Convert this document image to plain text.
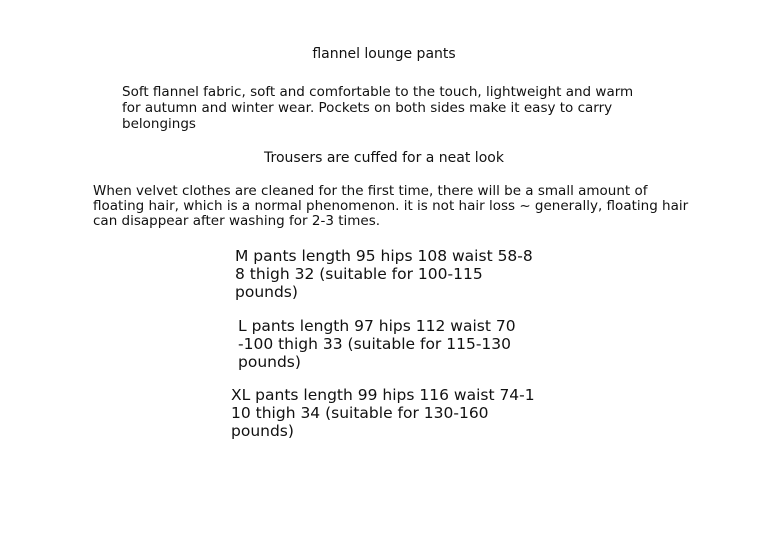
flannel lounge pants

Soft flannel fabric, soft and comfortable to the touch, lightweight and warm
for autumn and winter wear. Pockets on both sides make it easy to carry
belongings

Trousers are cuffed for a neat look

When velvet clothes are cleaned for the first time, there will be a small amount of
floating hair, which is a normal phenomenon. it is not hair loss ~ generally, floating hair
can disappear after washing for 2-3 times.

M pants length 95 hips 108 waist 58-8
8 thigh 32 (suitable for 100-115
pounds)

L pants length 97 hips 112 waist 70
-100 thigh 33 (suitable for 115-130
pounds)

XL pants length 99 hips 116 waist 74-1
10 thigh 34 (suitable for 130-160
pounds)
